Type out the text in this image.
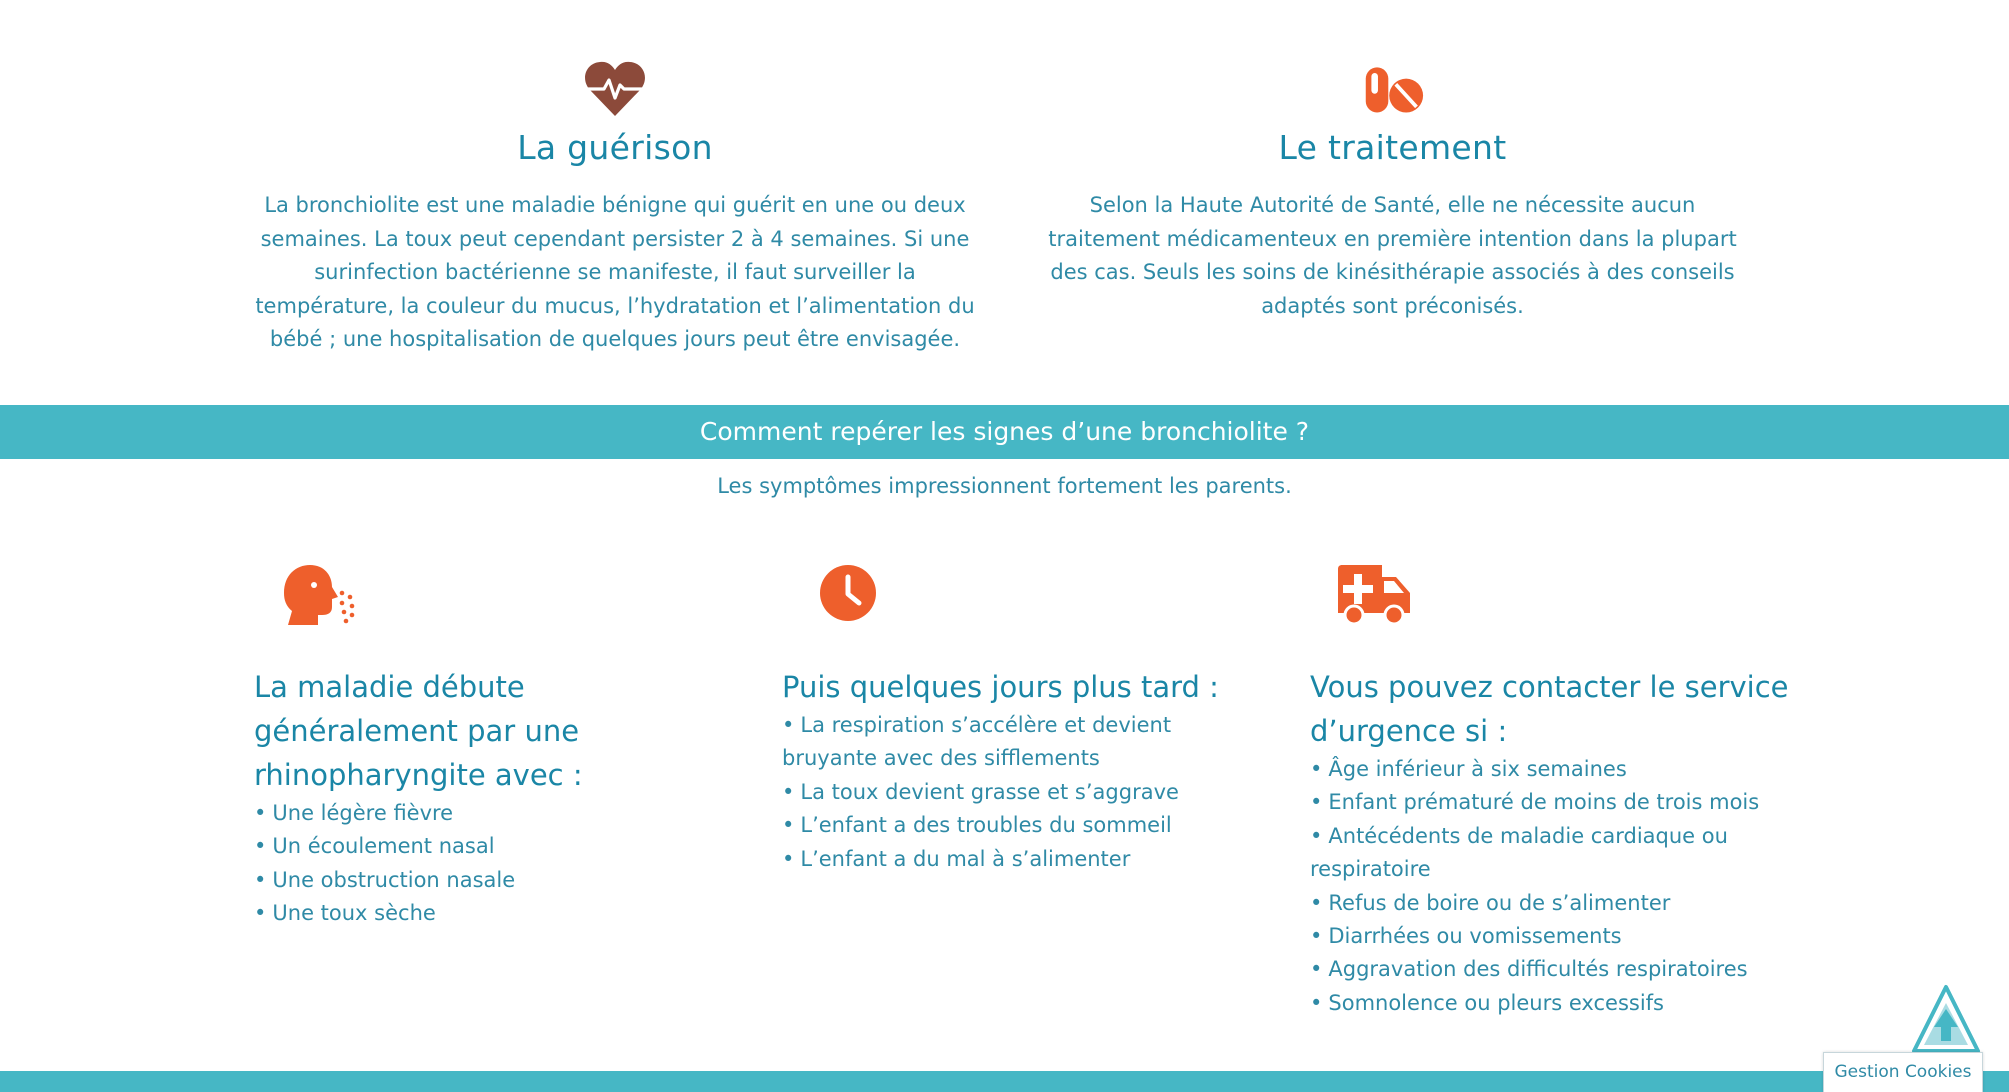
La guérison

La bronchiolite est une maladie bénigne qui guérit en une ou deux semaines. La toux peut cependant persister 2 à 4 semaines. Si une surinfection bactérienne se manifeste, il faut surveiller la température, la couleur du mucus, l’hydratation et l’alimentation du bébé ; une hospitalisation de quelques jours peut être envisagée.

Le traitement

Selon la Haute Autorité de Santé, elle ne nécessite aucun traitement médicamenteux en première intention dans la plupart des cas. Seuls les soins de kinésithérapie associés à des conseils adaptés sont préconisés.

Comment repérer les signes d’une bronchiolite ?
Les symptômes impressionnent fortement les parents.
La maladie débute généralement par une rhinopharyngite avec :
• Une légère fièvre
• Un écoulement nasal
• Une obstruction nasale
• Une toux sèche
Puis quelques jours plus tard :
• La respiration s’accélère et devient bruyante avec des sifflements
• La toux devient grasse et s’aggrave
• L’enfant a des troubles du sommeil
• L’enfant a du mal à s’alimenter
Vous pouvez contacter le service d’urgence si :
• Âge inférieur à six semaines
• Enfant prématuré de moins de trois mois
• Antécédents de maladie cardiaque ou respiratoire
• Refus de boire ou de s’alimenter
• Diarrhées ou vomissements
• Aggravation des difficultés respiratoires
• Somnolence ou pleurs excessifs
Gestion Cookies
